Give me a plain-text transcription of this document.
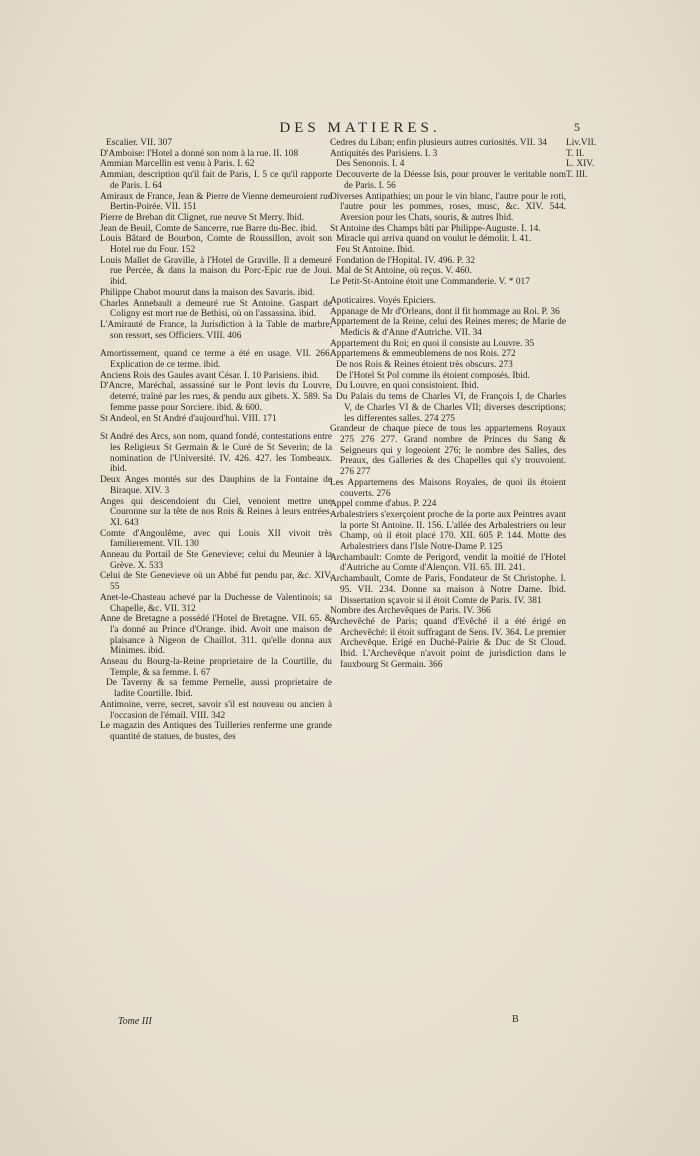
DES MATIERES.	5
Escalier. VII. 307
D'Amboise: l'Hotel a donné son nom à la rue. II. 108
Ammian Marcellin est venu à Paris. I. 62
Ammian, description qu'il fait de Paris, I. 5 ce qu'il rapporte de Paris. I. 64
Amiraux de France, Jean & Pierre de Vienne demeuroient rue Bertin-Poirée. VII. 151
Pierre de Breban dit Clignet, rue neuve St Merry. Ibid.
Jean de Beuil, Comte de Sancerre, rue Barre du-Bec. ibid.
Louis Bâtard de Bourbon, Comte de Roussillon, avoit son Hotel rue du Four. 152
Louis Mallet de Graville, à l'Hotel de Graville. Il a demeuré rue Percée, & dans la maison du Porc-Epic rue de Joui. ibid.
Philippe Chabot mourut dans la maison des Savaris. ibid.
Charles Annebault a demeuré rue St Antoine. Gaspart de Coligny est mort rue de Bethisi, où on l'assassina. ibid.
L'Amirauté de France, la Jurisdiction à la Table de marbre, son ressort, ses Officiers. VIII. 406
Amortissement, quand ce terme a été en usage. VII. 266. Explication de ce terme. ibid.
Anciens Rois des Gaules avant César. I. 10 Parisiens. ibid.
D'Ancre, Maréchal, assassiné sur le Pont levis du Louvre, deterré, traîné par les rues, & pendu aux gibets. X. 589. Sa femme passe pour Sorciere. ibid. & 600.
St Andeol, en St André d'aujourd'hui. VIII. 171
St André des Arcs, son nom, quand fondé, contestations entre les Religieux St Germain & le Curé de St Severin; de la nomination de l'Université. IV. 426. 427. les Tombeaux. ibid.
Deux Anges montés sur des Dauphins de la Fontaine de Biraque. XIV. 3
Anges qui descendoient du Ciel, venoient mettre une Couronne sur la tête de nos Rois & Reines à leurs entrées. XI. 643
Comte d'Angoulême, avec qui Louis XII vivoit très familierement. VII. 130
Anneau du Portail de Ste Genevieve; celui du Meunier à la Grève. X. 533
Celui de Ste Genevieve où un Abbé fut pendu par, &c. XIV. 55
Anet-le-Chasteau achevé par la Duchesse de Valentinois; sa Chapelle, &c. VII. 312
Anne de Bretagne a possédé l'Hotel de Bretagne. VII. 65. & l'a donné au Prince d'Orange. ibid. Avoit une maison de plaisance à Nigeon de Chaillot. 311. qu'elle donna aux Minimes. ibid.
Anseau du Bourg-la-Reine proprietaire de la Courtille, du Temple, & sa femme. I. 67
De Taverny & sa femme Pernelle, aussi proprietaire de ladite Courtille. Ibid.
Antimoine, verre, secret, savoir s'il est nouveau ou ancien à l'occasion de l'émail. VIII. 342
Le magazin des Antiques des Tuilleries renferme une grande quantité de statues, de bustes, des
Cedres du Liban; enfin plusieurs autres curiosités. VII. 34
Antiquités des Parisiens. I. 3
Des Senonois. I. 4
Decouverte de la Déesse Isis, pour prouver le veritable nom de Paris. I. 56
Diverses Antipathies; un pour le vin blanc, l'autre pour le roti, l'autre pour les pommes, roses, musc, &c. XIV. 544. Aversion pour les Chats, souris, & autres Ibid.
St Antoine des Champs bâti par Philippe-Auguste. I. 14.
Miracle qui arriva quand on voulut le démolir. I. 41.
Feu St Antoine. Ibid.
Fondation de l'Hopital. IV. 496. P. 32
Mal de St Antoine, où reçus. V. 460.
Le Petit-St-Antoine étoit une Commanderie. V. * 017
Apoticaires. Voyés Epiciers.
Appanage de Mr d'Orleans, dont il fit hommage au Roi. P. 36
Appartement de la Reine, celui des Reines meres; de Marie de Medicis & d'Anne d'Autriche. VII. 34
Appartement du Roi; en quoi il consiste au Louvre. 35
Appartemens & emmeublemens de nos Rois. 272
De nos Rois & Reines étoient très obscurs. 273
De l'Hotel St Pol comme ils étoient composés. Ibid.
Du Louvre, en quoi consistoient. Ibid.
Du Palais du tems de Charles VI, de François I, de Charles V, de Charles VI & de Charles VII; diverses descriptions; les differentes salles. 274 275
Grandeur de chaque piece de tous les appartemens Royaux 275 276 277. Grand nombre de Princes du Sang & Seigneurs qui y logeoient 276; le nombre des Salles, des Preaux, des Galleries & des Chapelles qui s'y trouvoient. 276 277
Les Appartemens des Maisons Royales, de quoi ils étoient couverts. 276
Appel comme d'abus. P. 224
Arbalestriers s'exerçoient proche de la porte aux Peintres avant la porte St Antoine. II. 156. L'allée des Arbalestriers ou leur Champ, où il étoit placé 170. XII. 605 P. 144. Motte des Arbalestriers dans l'Isle Notre-Dame P. 125
Archambault: Comte de Perigord, vendit la moitié de l'Hotel d'Autriche au Comte d'Alençon. VII. 65. III. 241.
Archambault, Comte de Paris, Fondateur de St Christophe. I. 95. VII. 234. Donne sa maison à Notre Dame. Ibid. Dissertation sçavoir si il étoit Comte de Paris. IV. 381
Nombre des Archevêques de Paris. IV. 366
Archevêché de Paris; quand d'Evêché il a été érigé en Archevêché: il étoit suffragant de Sens. IV. 364. Le premier Archevêque. Erigé en Duché-Pairie & Duc de St Cloud. Ibid. L'Archevêque n'avoit point de jurisdiction dans le fauxbourg St Germain. 366
Liv.VII.
T. II.
L. XIV.
T. III.
Tome III	B
